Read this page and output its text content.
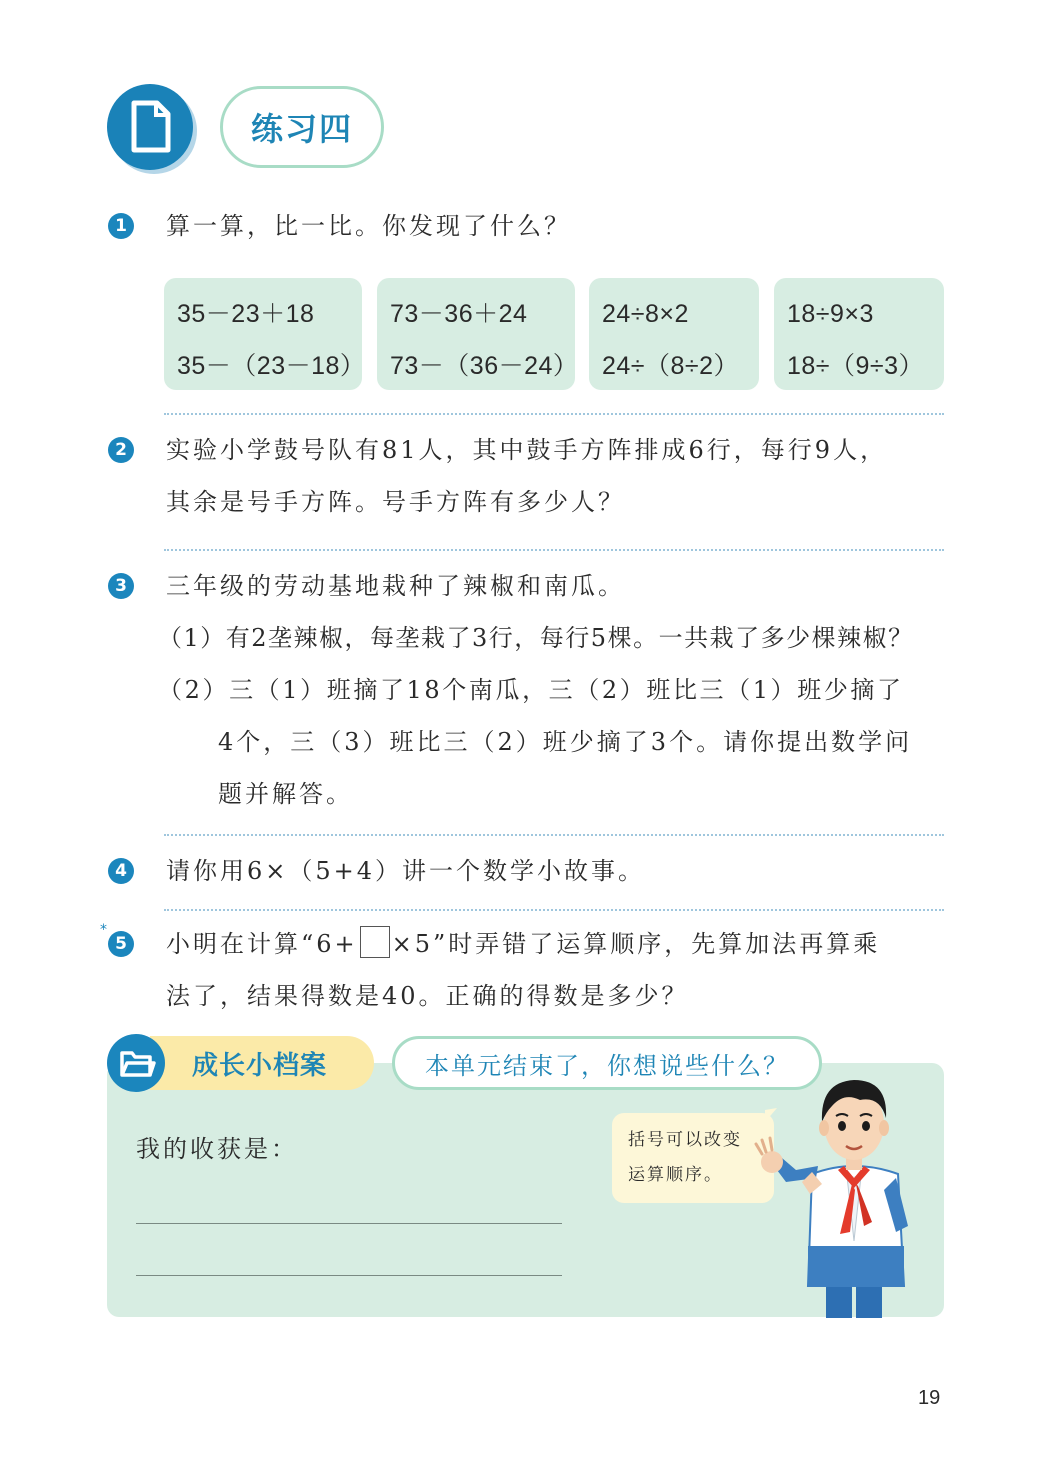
练习四
1 算一算，比一比。你发现了什么？
35－23＋18
35－（23－18）
73－36＋24
73－（36－24）
24÷8×2
24÷（8÷2）
18÷9×3
18÷（9÷3）
2 实验小学鼓号队有81人，其中鼓手方阵排成6行，每行9人，
其余是号手方阵。号手方阵有多少人？
3 三年级的劳动基地栽种了辣椒和南瓜。
（1）有2垄辣椒，每垄栽了3行，每行5棵。一共栽了多少棵辣椒？
（2）三（1）班摘了18个南瓜，三（2）班比三（1）班少摘了
4个，三（3）班比三（2）班少摘了3个。请你提出数学问
题并解答。
4 请你用6×（5+4）讲一个数学小故事。
*
5 小明在计算“6+ ×5”时弄错了运算顺序，先算加法再算乘
法了，结果得数是40。正确的得数是多少？
成长小档案	本单元结束了，你想说些什么？
我的收获是：	括号可以改变
运算顺序。
19
